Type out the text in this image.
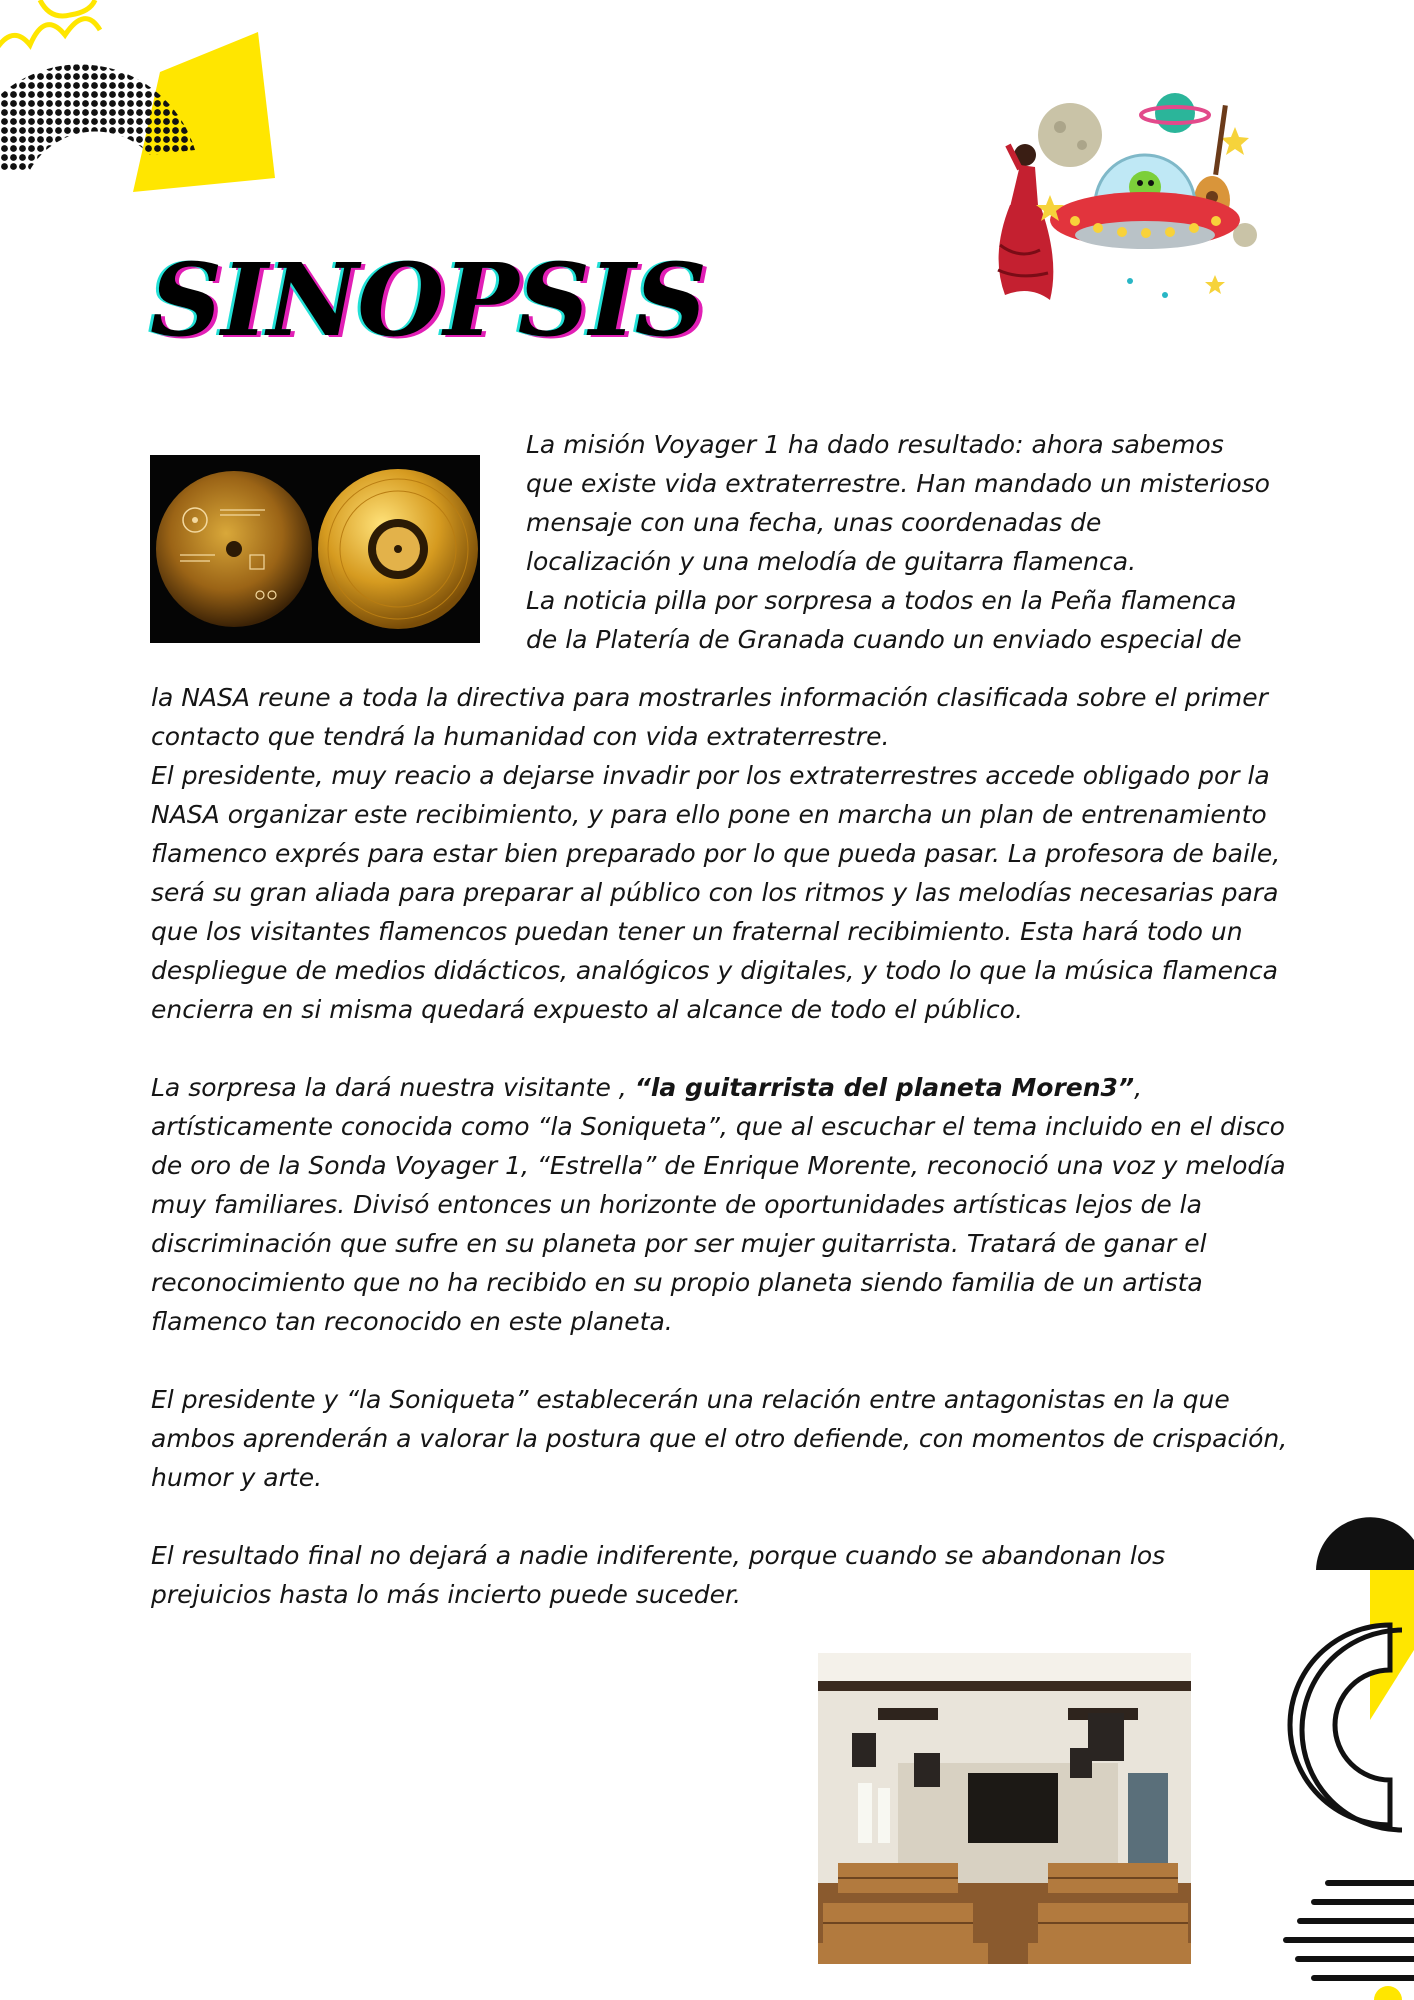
SINOPSIS
La misión Voyager 1 ha dado resultado: ahora sabemos
que existe vida extraterrestre. Han mandado un misterioso
mensaje con una fecha, unas coordenadas de
localización y una melodía de guitarra flamenca.
La noticia pilla por sorpresa a todos en la Peña flamenca
de la Platería de Granada cuando un enviado especial de

la NASA reune a toda la directiva para mostrarles información clasificada sobre el primer contacto que tendrá la humanidad con vida extraterrestre.

El presidente, muy reacio a dejarse invadir por los extraterrestres accede obligado por la NASA organizar este recibimiento, y para ello pone en marcha un plan de entrenamiento flamenco exprés para estar bien preparado por lo que pueda pasar. La profesora de baile, será su gran aliada para preparar al público con los ritmos y las melodías necesarias para que los visitantes flamencos puedan tener un fraternal recibimiento. Esta hará todo un despliegue de medios didácticos, analógicos y digitales, y todo lo que la música flamenca encierra en si misma quedará expuesto al alcance de todo el público.

La sorpresa la dará nuestra visitante , “la guitarrista del planeta Moren3”, artísticamente conocida como “la Soniqueta”, que al escuchar el tema incluido en el disco de oro de la Sonda Voyager 1, “Estrella” de Enrique Morente, reconoció una voz y melodía muy familiares. Divisó entonces un horizonte de oportunidades artísticas lejos de la discriminación que sufre en su planeta por ser mujer guitarrista. Tratará de ganar el reconocimiento que no ha recibido en su propio planeta siendo familia de un artista flamenco tan reconocido en este planeta.

El presidente y “la Soniqueta” establecerán una relación entre antagonistas en la que ambos aprenderán a valorar la postura que el otro defiende, con momentos de crispación, humor y arte.

El resultado final no dejará a nadie indiferente, porque cuando se abandonan los prejuicios hasta lo más incierto puede suceder.
